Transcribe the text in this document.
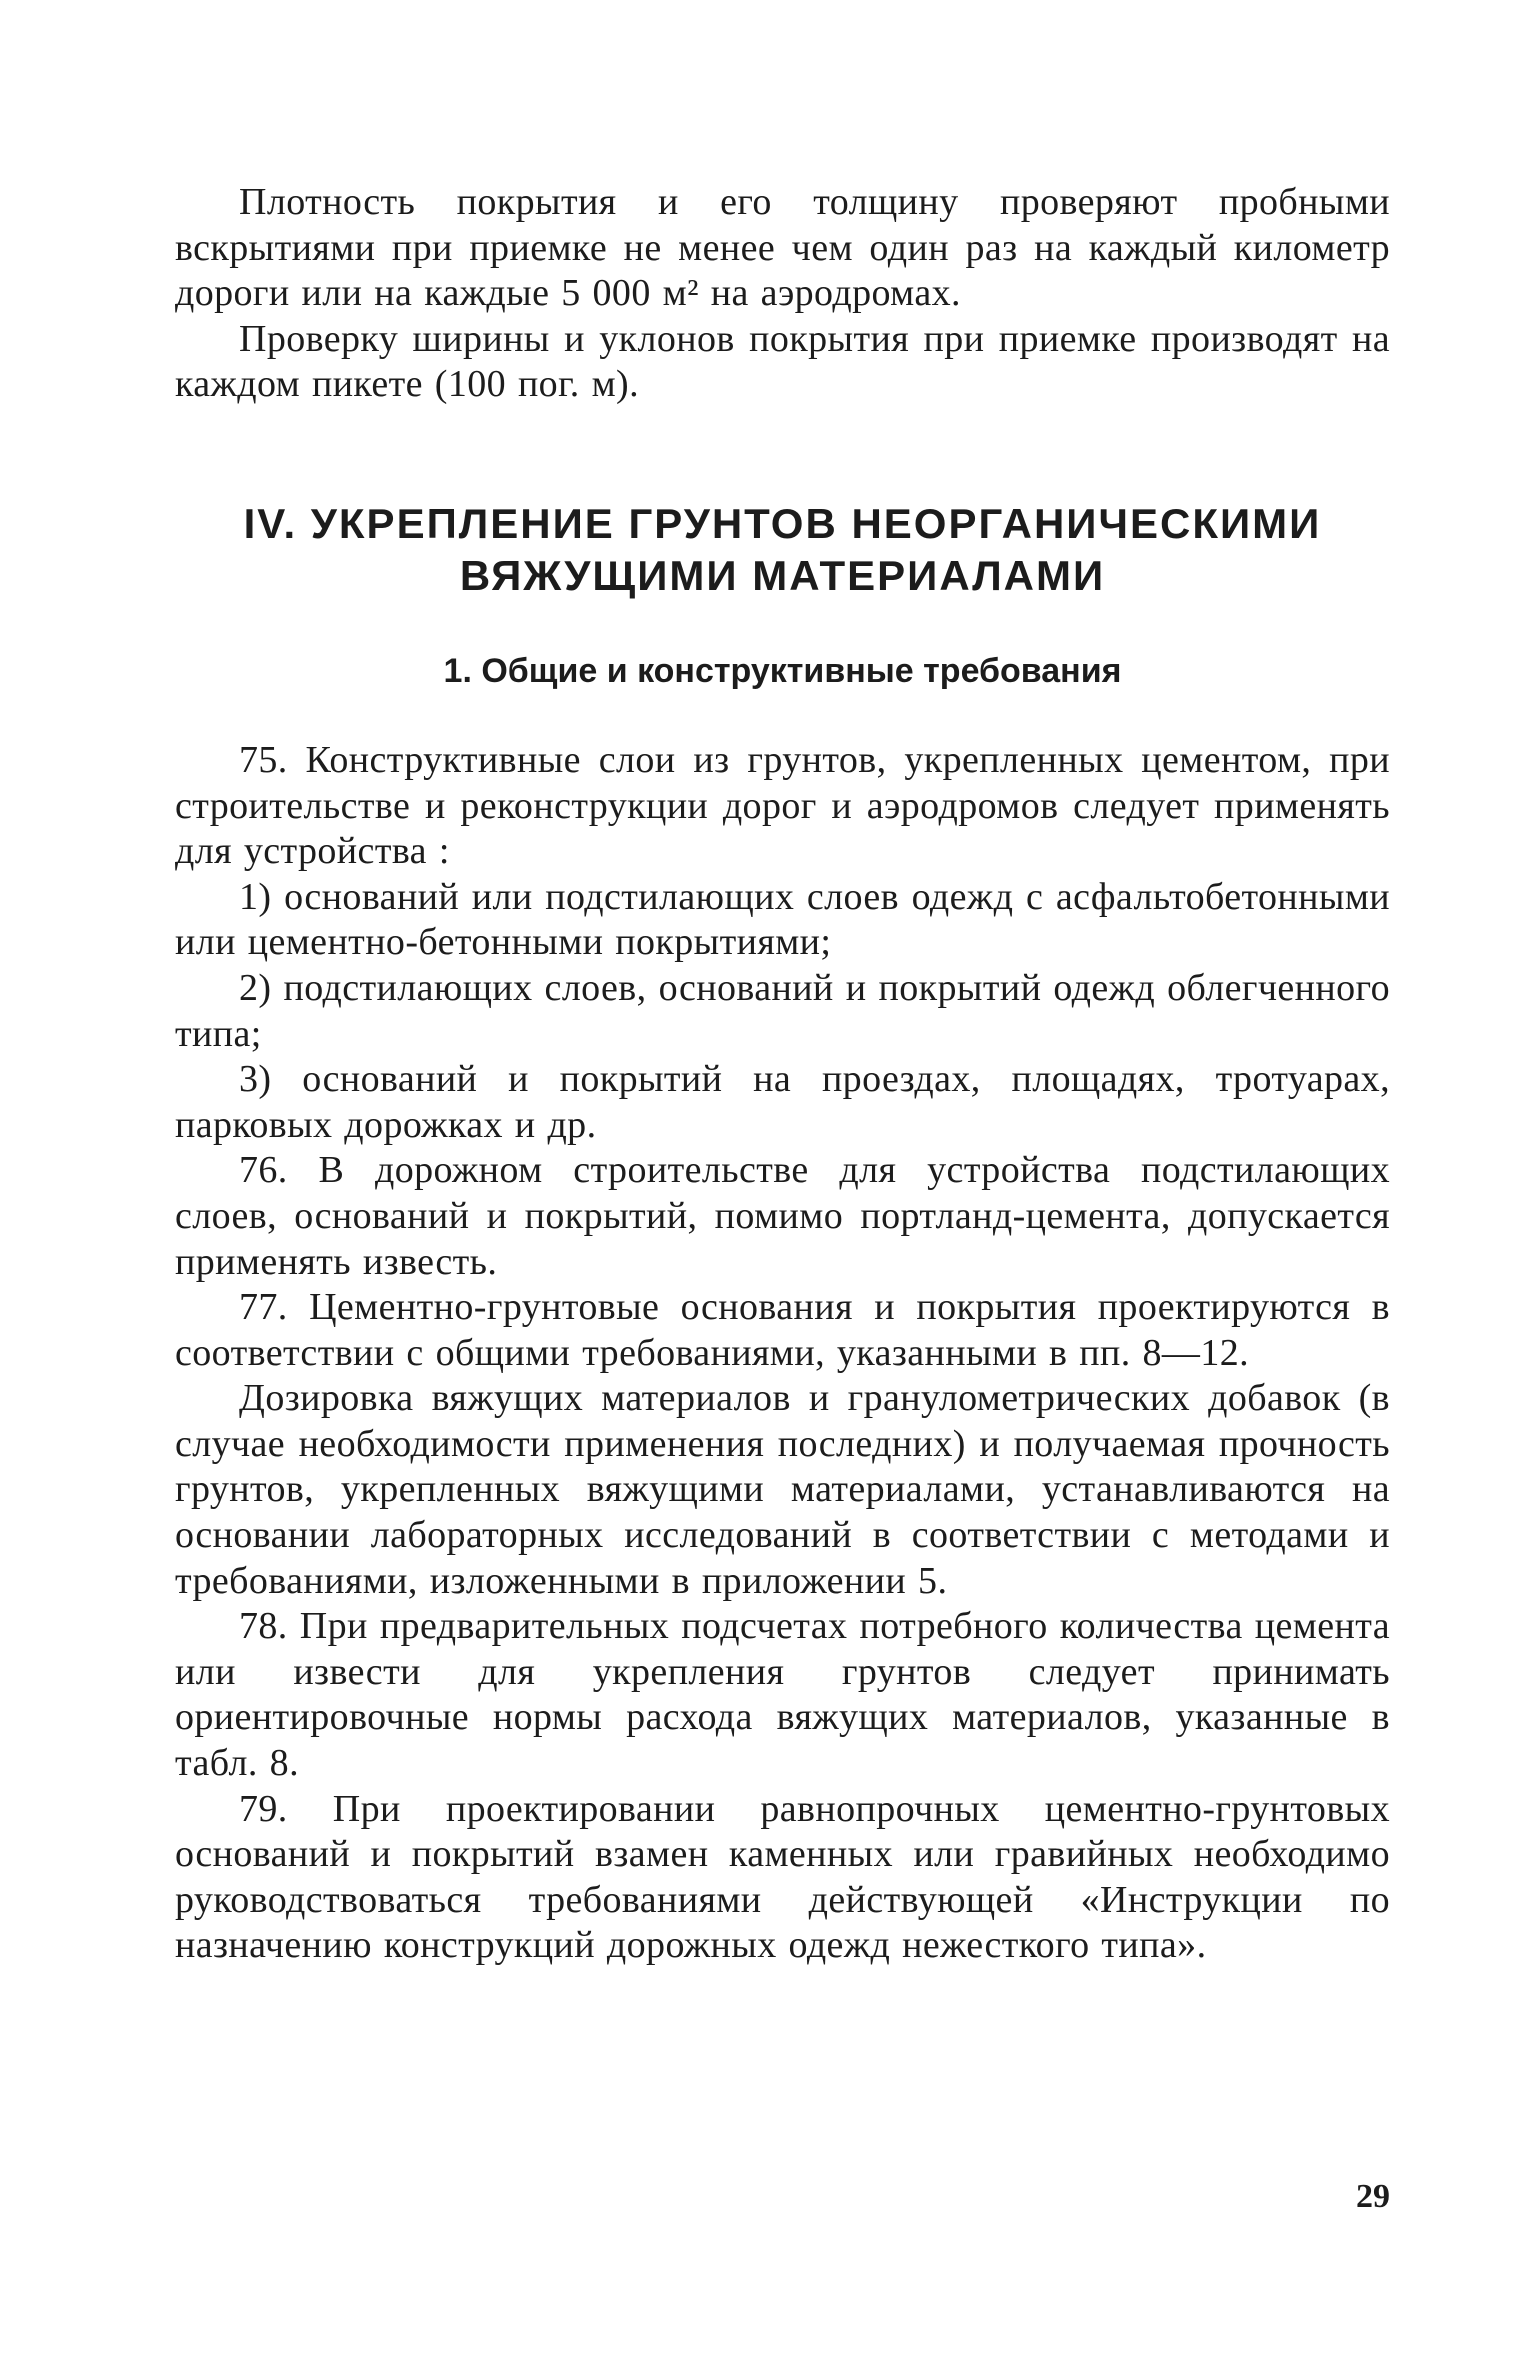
Плотность покрытия и его толщину проверяют пробными вскрытиями при приемке не менее чем один раз на каждый километр дороги или на каждые 5 000 м² на аэродромах.

Проверку ширины и уклонов покрытия при приемке производят на каждом пикете (100 пог. м).

IV. УКРЕПЛЕНИЕ ГРУНТОВ НЕОРГАНИЧЕСКИМИ
ВЯЖУЩИМИ МАТЕРИАЛАМИ
1. Общие и конструктивные требования

75. Конструктивные слои из грунтов, укрепленных цементом, при строительстве и реконструкции дорог и аэродромов следует применять для устройства :

1) оснований или подстилающих слоев одежд с асфальтобетонными или цементно-бетонными покрытиями;

2) подстилающих слоев, оснований и покрытий одежд облегченного типа;

3) оснований и покрытий на проездах, площадях, тротуарах, парковых дорожках и др.

76. В дорожном строительстве для устройства подстилающих слоев, оснований и покрытий, помимо портланд-цемента, допускается применять известь.

77. Цементно-грунтовые основания и покрытия проектируются в соответствии с общими требованиями, указанными в пп. 8—12.

Дозировка вяжущих материалов и гранулометрических добавок (в случае необходимости применения последних) и получаемая прочность грунтов, укрепленных вяжущими материалами, устанавливаются на основании лабораторных исследований в соответствии с методами и требованиями, изложенными в приложении 5.

78. При предварительных подсчетах потребного количества цемента или извести для укрепления грунтов следует принимать ориентировочные нормы расхода вяжущих материалов, указанные в табл. 8.

79. При проектировании равнопрочных цементно-грунтовых оснований и покрытий взамен каменных или гравийных необходимо руководствоваться требованиями действующей «Инструкции по назначению конструкций дорожных одежд нежесткого типа».

29
